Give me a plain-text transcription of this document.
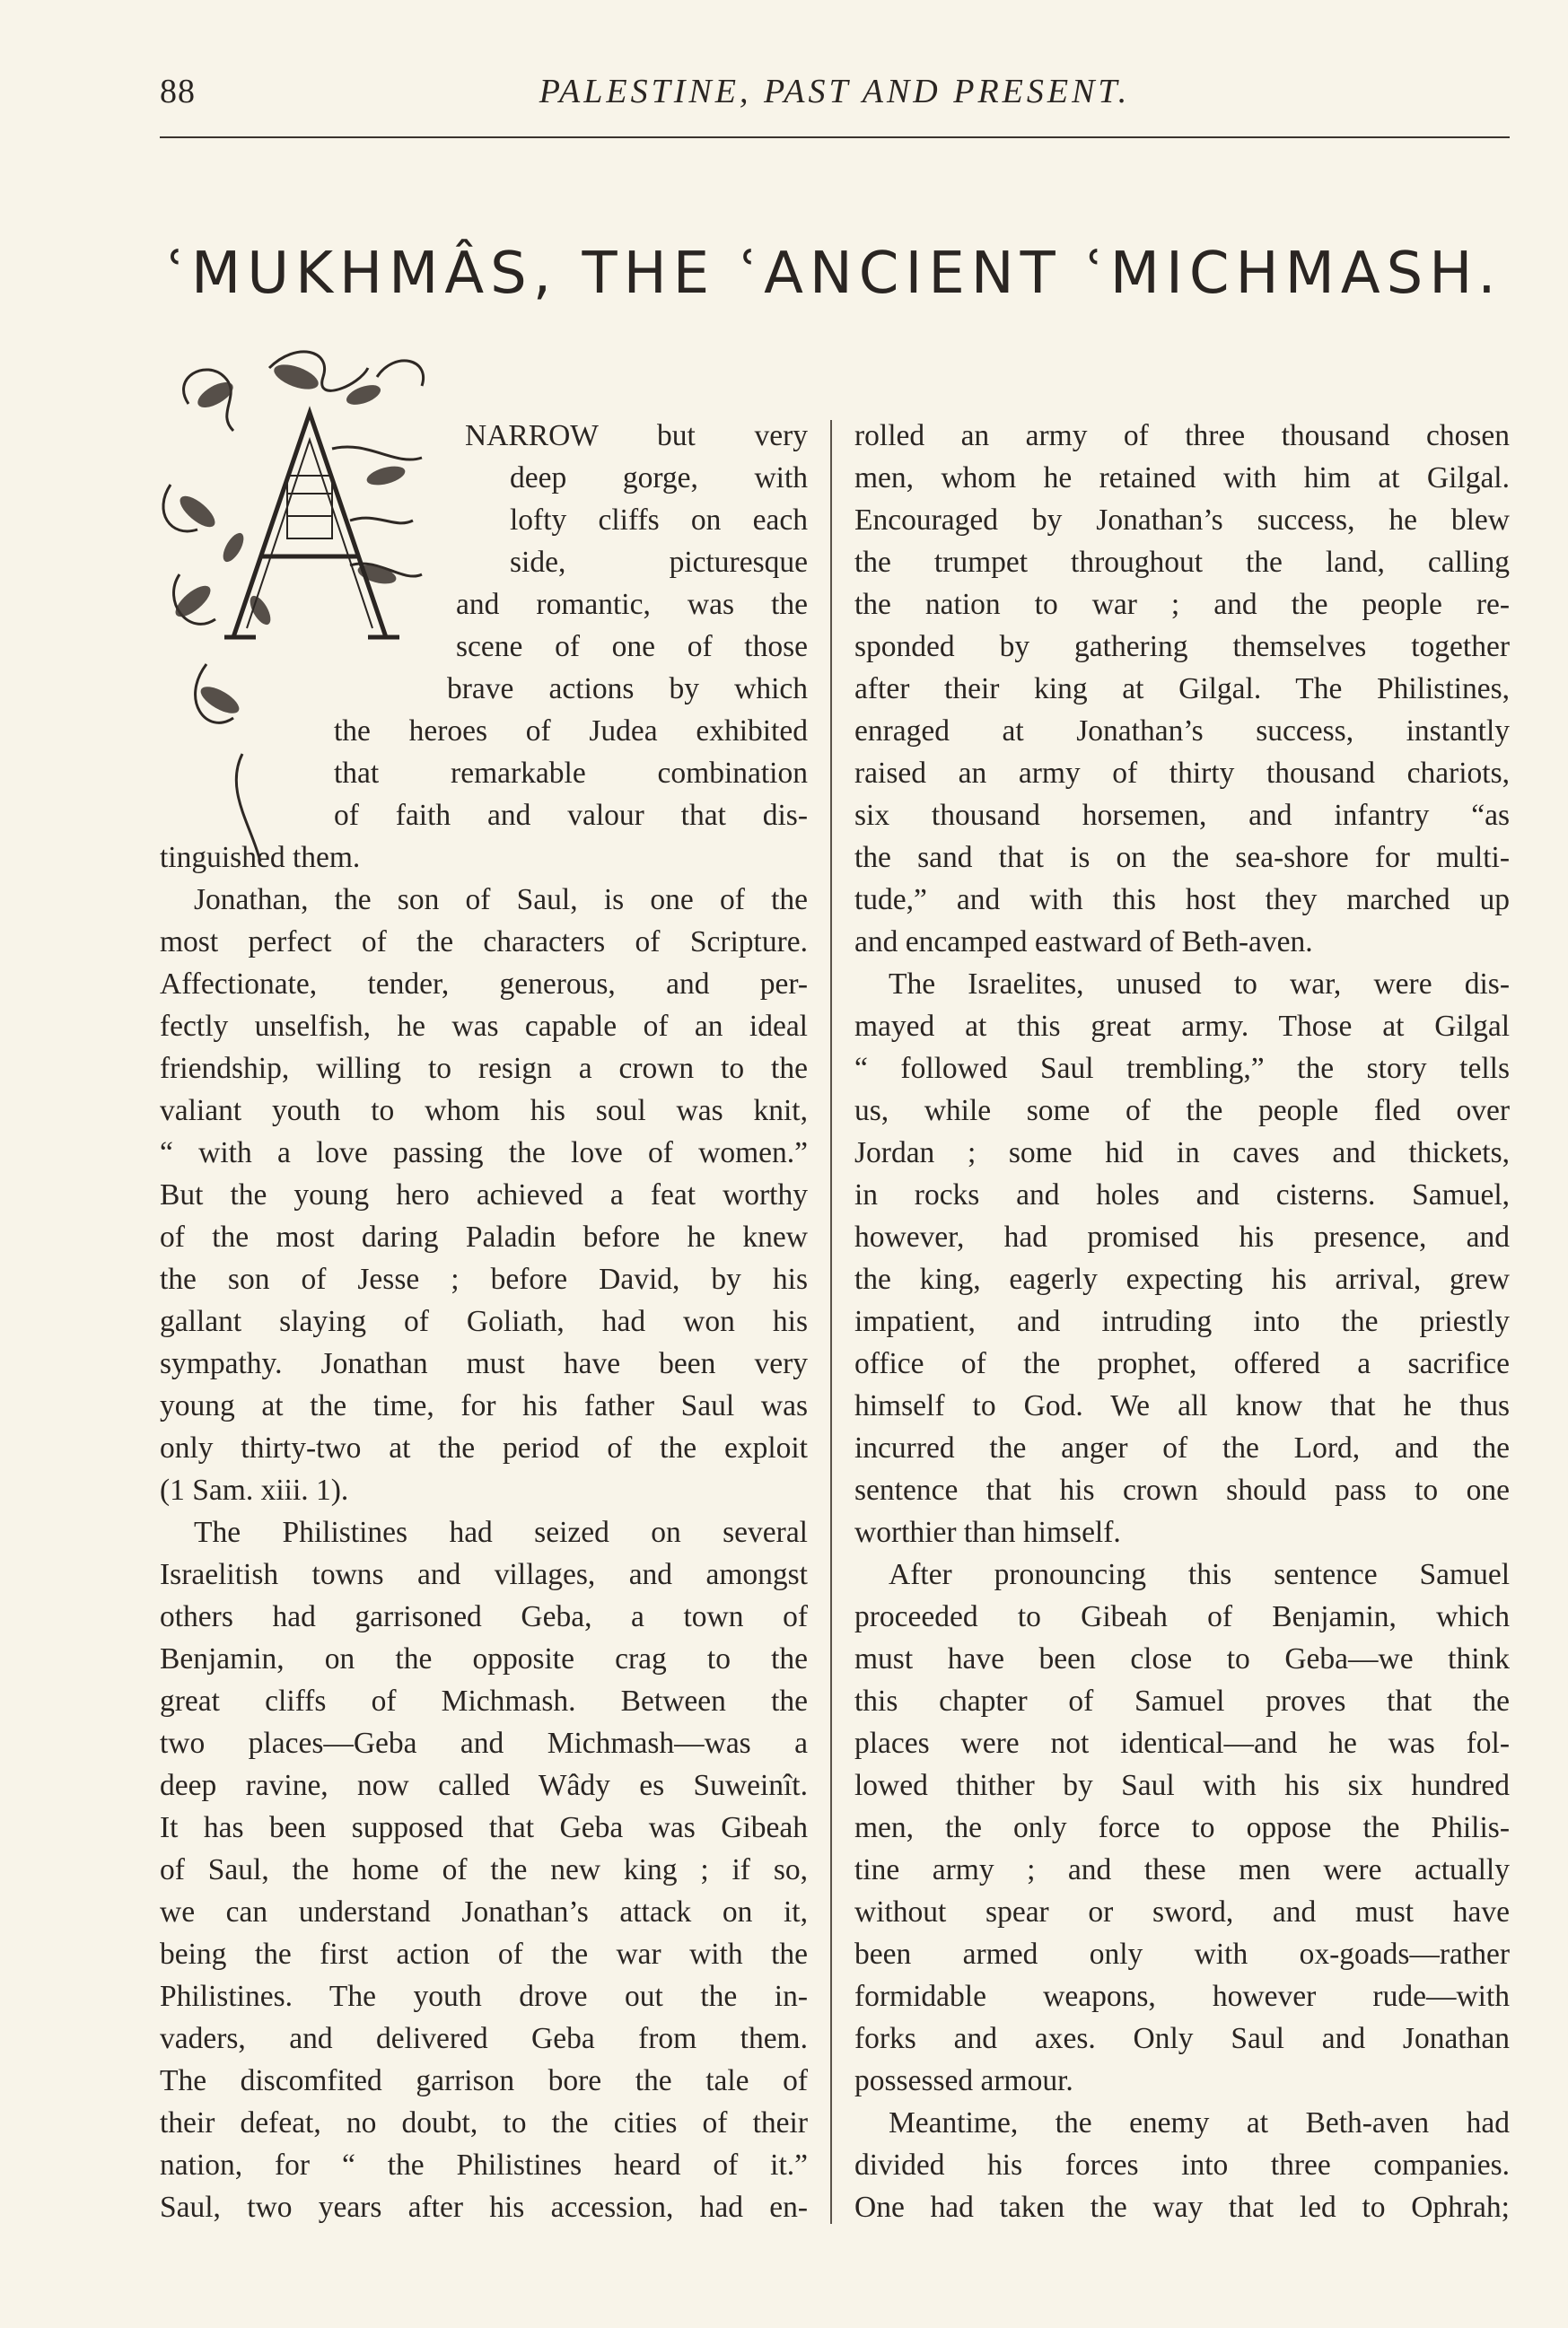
88	PALESTINE, PAST AND PRESENT.
ʿMUKHMÂS, THE ʿANCIENT ʿMICHMASH.
NARROW but very
deep gorge, with
lofty cliffs on each
side, picturesque
and romantic, was the
scene of one of those
brave actions by which
the heroes of Judea exhibited
that remarkable combination
of faith and valour that dis-
tinguished them.
Jonathan, the son of Saul, is one of the
most perfect of the characters of Scripture.
Affectionate, tender, generous, and per-
fectly unselfish, he was capable of an ideal
friendship, willing to resign a crown to the
valiant youth to whom his soul was knit,
“ with a love passing the love of women.”
But the young hero achieved a feat worthy
of the most daring Paladin before he knew
the son of Jesse ; before David, by his
gallant slaying of Goliath, had won his
sympathy. Jonathan must have been very
young at the time, for his father Saul was
only thirty-two at the period of the exploit
(1 Sam. xiii. 1).
The Philistines had seized on several
Israelitish towns and villages, and amongst
others had garrisoned Geba, a town of
Benjamin, on the opposite crag to the
great cliffs of Michmash. Between the
two places—Geba and Michmash—was a
deep ravine, now called Wâdy es Suweinît.
It has been supposed that Geba was Gibeah
of Saul, the home of the new king ; if so,
we can understand Jonathan’s attack on it,
being the first action of the war with the
Philistines. The youth drove out the in-
vaders, and delivered Geba from them.
The discomfited garrison bore the tale of
their defeat, no doubt, to the cities of their
nation, for “ the Philistines heard of it.”
Saul, two years after his accession, had en-
rolled an army of three thousand chosen
men, whom he retained with him at Gilgal.
Encouraged by Jonathan’s success, he blew
the trumpet throughout the land, calling
the nation to war ; and the people re-
sponded by gathering themselves together
after their king at Gilgal. The Philistines,
enraged at Jonathan’s success, instantly
raised an army of thirty thousand chariots,
six thousand horsemen, and infantry “as
the sand that is on the sea-shore for multi-
tude,” and with this host they marched up
and encamped eastward of Beth-aven.
The Israelites, unused to war, were dis-
mayed at this great army. Those at Gilgal
“ followed Saul trembling,” the story tells
us, while some of the people fled over
Jordan ; some hid in caves and thickets,
in rocks and holes and cisterns. Samuel,
however, had promised his presence, and
the king, eagerly expecting his arrival, grew
impatient, and intruding into the priestly
office of the prophet, offered a sacrifice
himself to God. We all know that he thus
incurred the anger of the Lord, and the
sentence that his crown should pass to one
worthier than himself.
After pronouncing this sentence Samuel
proceeded to Gibeah of Benjamin, which
must have been close to Geba—we think
this chapter of Samuel proves that the
places were not identical—and he was fol-
lowed thither by Saul with his six hundred
men, the only force to oppose the Philis-
tine army ; and these men were actually
without spear or sword, and must have
been armed only with ox-goads—rather
formidable weapons, however rude—with
forks and axes. Only Saul and Jonathan
possessed armour.
Meantime, the enemy at Beth-aven had
divided his forces into three companies.
One had taken the way that led to Ophrah;
